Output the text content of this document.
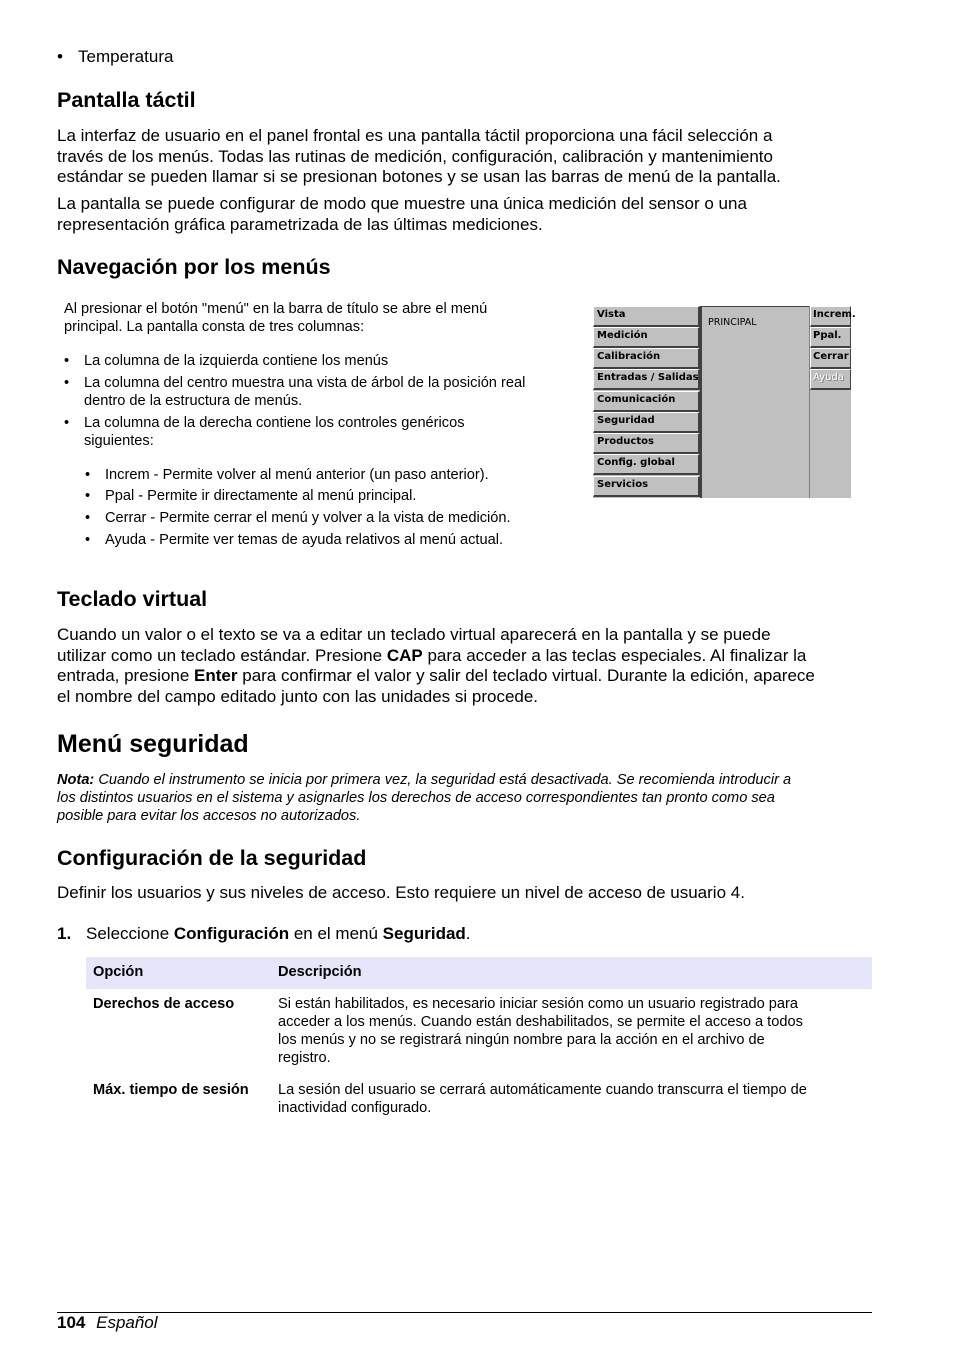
• Temperatura
Pantalla táctil

La interfaz de usuario en el panel frontal es una pantalla táctil proporciona una fácil selección a

través de los menús. Todas las rutinas de medición, configuración, calibración y mantenimiento

estándar se pueden llamar si se presionan botones y se usan las barras de menú de la pantalla.

La pantalla se puede configurar de modo que muestre una única medición del sensor o una

representación gráfica parametrizada de las últimas mediciones.

Navegación por los menús

Al presionar el botón "menú" en la barra de título se abre el menú

principal. La pantalla consta de tres columnas:

• La columna de la izquierda contiene los menús
• La columna del centro muestra una vista de árbol de la posición real
dentro de la estructura de menús.
• La columna de la derecha contiene los controles genéricos
siguientes:
• Increm - Permite volver al menú anterior (un paso anterior).
• Ppal - Permite ir directamente al menú principal.
• Cerrar - Permite cerrar el menú y volver a la vista de medición.
• Ayuda - Permite ver temas de ayuda relativos al menú actual.
Vista
Medición
Calibración
Entradas / Salidas
Comunicación
Seguridad
Productos
Config. global
Servicios
PRINCIPAL
Increm.
Ppal.
Cerrar
Ayuda
Teclado virtual

Cuando un valor o el texto se va a editar un teclado virtual aparecerá en la pantalla y se puede

utilizar como un teclado estándar. Presione CAP para acceder a las teclas especiales. Al finalizar la

entrada, presione Enter para confirmar el valor y salir del teclado virtual. Durante la edición, aparece

el nombre del campo editado junto con las unidades si procede.

Menú seguridad

Nota: Cuando el instrumento se inicia por primera vez, la seguridad está desactivada. Se recomienda introducir a

los distintos usuarios en el sistema y asignarles los derechos de acceso correspondientes tan pronto como sea

posible para evitar los accesos no autorizados.

Configuración de la seguridad

Definir los usuarios y sus niveles de acceso. Esto requiere un nivel de acceso de usuario 4.

1. Seleccione Configuración en el menú Seguridad.
Opción	Descripción
Derechos de acceso	Si están habilitados, es necesario iniciar sesión como un usuario registrado para

acceder a los menús. Cuando están deshabilitados, se permite el acceso a todos

los menús y no se registrará ningún nombre para la acción en el archivo de

registro.

Máx. tiempo de sesión La sesión del usuario se cerrará automáticamente cuando transcurra el tiempo de

inactividad configurado.

104 Español
